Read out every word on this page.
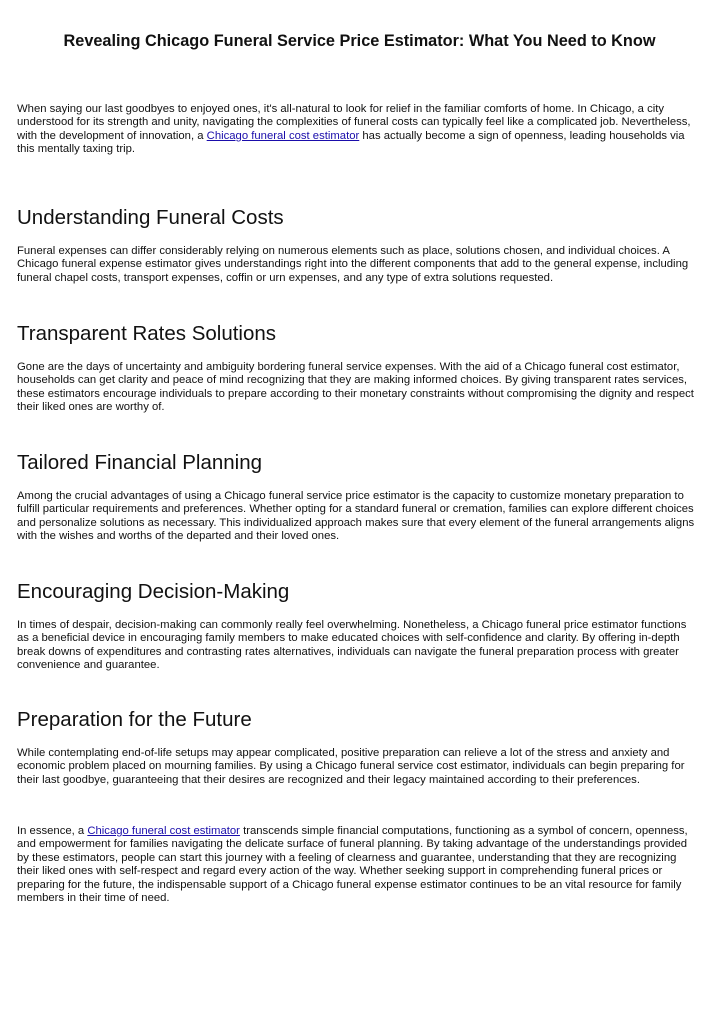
Revealing Chicago Funeral Service Price Estimator: What You Need to Know

When saying our last goodbyes to enjoyed ones, it's all-natural to look for relief in the familiar comforts of home. In Chicago, a city understood for its strength and unity, navigating the complexities of funeral costs can typically feel like a complicated job. Nevertheless, with the development of innovation, a Chicago funeral cost estimator has actually become a sign of openness, leading households via this mentally taxing trip.

Understanding Funeral Costs

Funeral expenses can differ considerably relying on numerous elements such as place, solutions chosen, and individual choices. A Chicago funeral expense estimator gives understandings right into the different components that add to the general expense, including funeral chapel costs, transport expenses, coffin or urn expenses, and any type of extra solutions requested.

Transparent Rates Solutions

Gone are the days of uncertainty and ambiguity bordering funeral service expenses. With the aid of a Chicago funeral cost estimator, households can get clarity and peace of mind recognizing that they are making informed choices. By giving transparent rates services, these estimators encourage individuals to prepare according to their monetary constraints without compromising the dignity and respect their liked ones are worthy of.

Tailored Financial Planning

Among the crucial advantages of using a Chicago funeral service price estimator is the capacity to customize monetary preparation to fulfill particular requirements and preferences. Whether opting for a standard funeral or cremation, families can explore different choices and personalize solutions as necessary. This individualized approach makes sure that every element of the funeral arrangements aligns with the wishes and worths of the departed and their loved ones.

Encouraging Decision-Making

In times of despair, decision-making can commonly really feel overwhelming. Nonetheless, a Chicago funeral price estimator functions as a beneficial device in encouraging family members to make educated choices with self-confidence and clarity. By offering in-depth break downs of expenditures and contrasting rates alternatives, individuals can navigate the funeral preparation process with greater convenience and guarantee.

Preparation for the Future

While contemplating end-of-life setups may appear complicated, positive preparation can relieve a lot of the stress and anxiety and economic problem placed on mourning families. By using a Chicago funeral service cost estimator, individuals can begin preparing for their last goodbye, guaranteeing that their desires are recognized and their legacy maintained according to their preferences.

In essence, a Chicago funeral cost estimator transcends simple financial computations, functioning as a symbol of concern, openness, and empowerment for families navigating the delicate surface of funeral planning. By taking advantage of the understandings provided by these estimators, people can start this journey with a feeling of clearness and guarantee, understanding that they are recognizing their liked ones with self-respect and regard every action of the way. Whether seeking support in comprehending funeral prices or preparing for the future, the indispensable support of a Chicago funeral expense estimator continues to be an vital resource for family members in their time of need.
